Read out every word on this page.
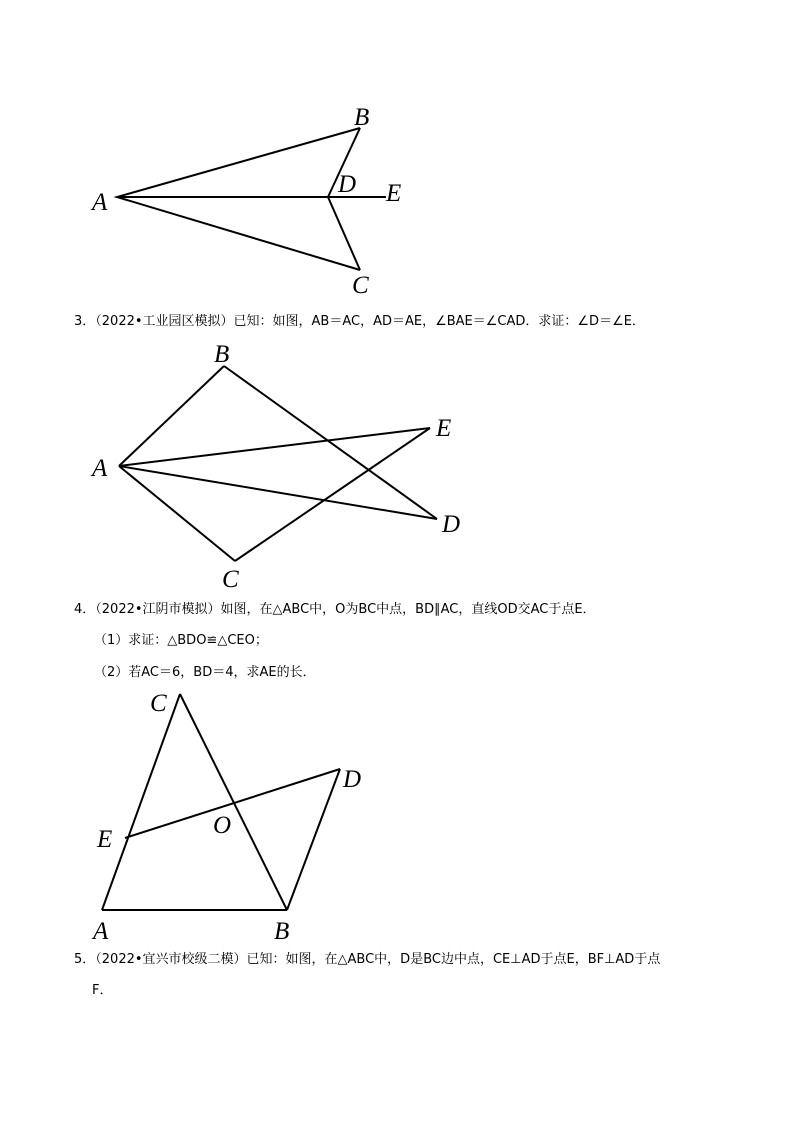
A
B
C
D E
A
B
C
D
E
A	B
C
D
E
O
3．（2022•工业园区模拟）已知：如图，AB＝AC，AD＝AE，∠BAE＝∠CAD．求证：∠D＝∠E．
4．（2022•江阴市模拟）如图，在△ABC中，O为BC中点，BD∥AC，直线OD交AC于点E．
（1）求证：△BDO≌△CEO；
（2）若AC＝6，BD＝4，求AE的长．
5．（2022•宜兴市校级二模）已知：如图，在△ABC中，D是BC边中点，CE⊥AD于点E，BF⊥AD于点
F．
